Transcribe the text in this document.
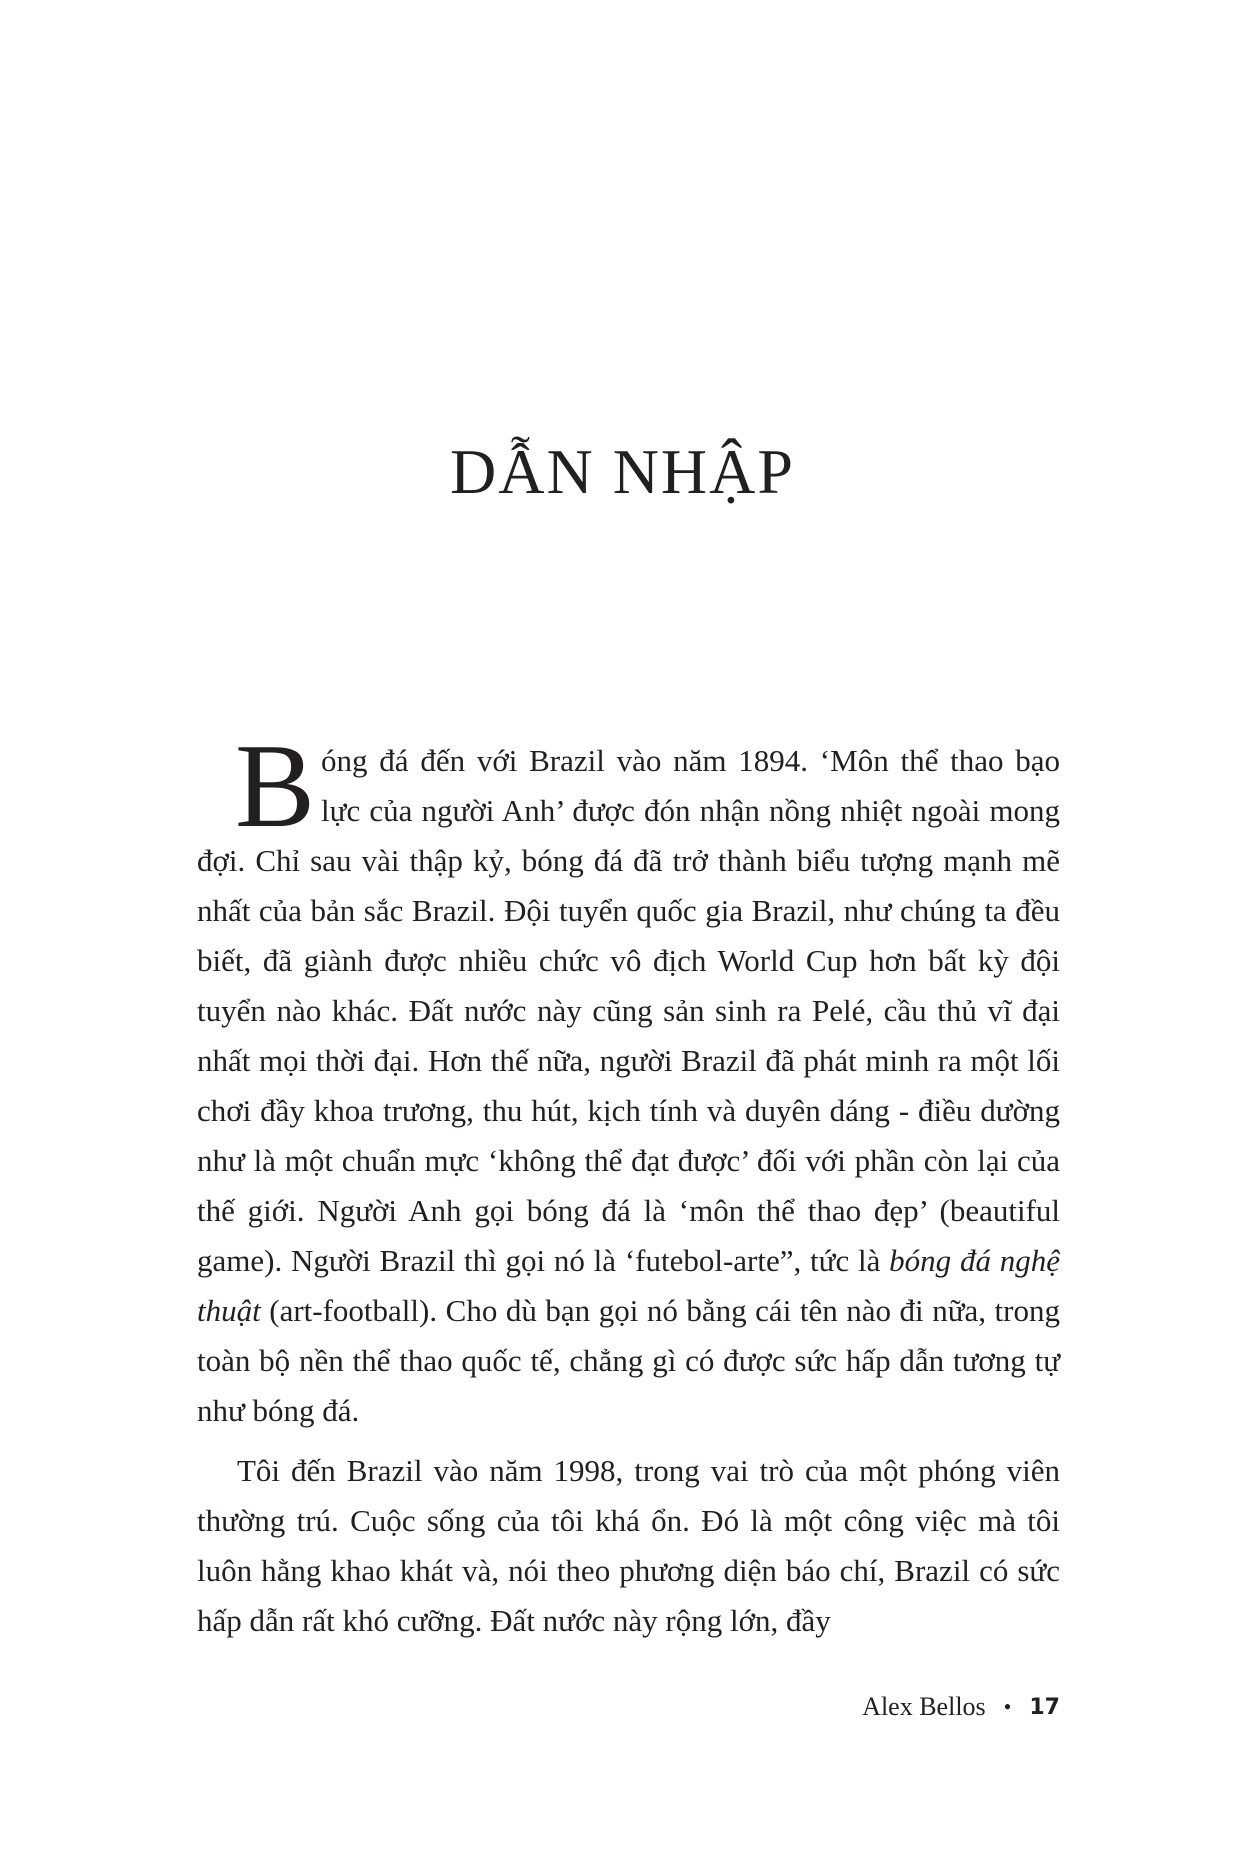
DẪN NHẬP

Bóng đá đến với Brazil vào năm 1894. ‘Môn thể thao bạo lực của người Anh’ được đón nhận nồng nhiệt ngoài mong đợi. Chỉ sau vài thập kỷ, bóng đá đã trở thành biểu tượng mạnh mẽ nhất của bản sắc Brazil. Đội tuyển quốc gia Brazil, như chúng ta đều biết, đã giành được nhiều chức vô địch World Cup hơn bất kỳ đội tuyển nào khác. Đất nước này cũng sản sinh ra Pelé, cầu thủ vĩ đại nhất mọi thời đại. Hơn thế nữa, người Brazil đã phát minh ra một lối chơi đầy khoa trương, thu hút, kịch tính và duyên dáng - điều dường như là một chuẩn mực ‘không thể đạt được’ đối với phần còn lại của thế giới. Người Anh gọi bóng đá là ‘môn thể thao đẹp’ (beautiful game). Người Brazil thì gọi nó là ‘futebol-arte”, tức là bóng đá nghệ thuật (art-football). Cho dù bạn gọi nó bằng cái tên nào đi nữa, trong toàn bộ nền thể thao quốc tế, chẳng gì có được sức hấp dẫn tương tự như bóng đá.

Tôi đến Brazil vào năm 1998, trong vai trò của một phóng viên thường trú. Cuộc sống của tôi khá ổn. Đó là một công việc mà tôi luôn hằng khao khát và, nói theo phương diện báo chí, Brazil có sức hấp dẫn rất khó cưỡng. Đất nước này rộng lớn, đầy

Alex Bellos • 17
